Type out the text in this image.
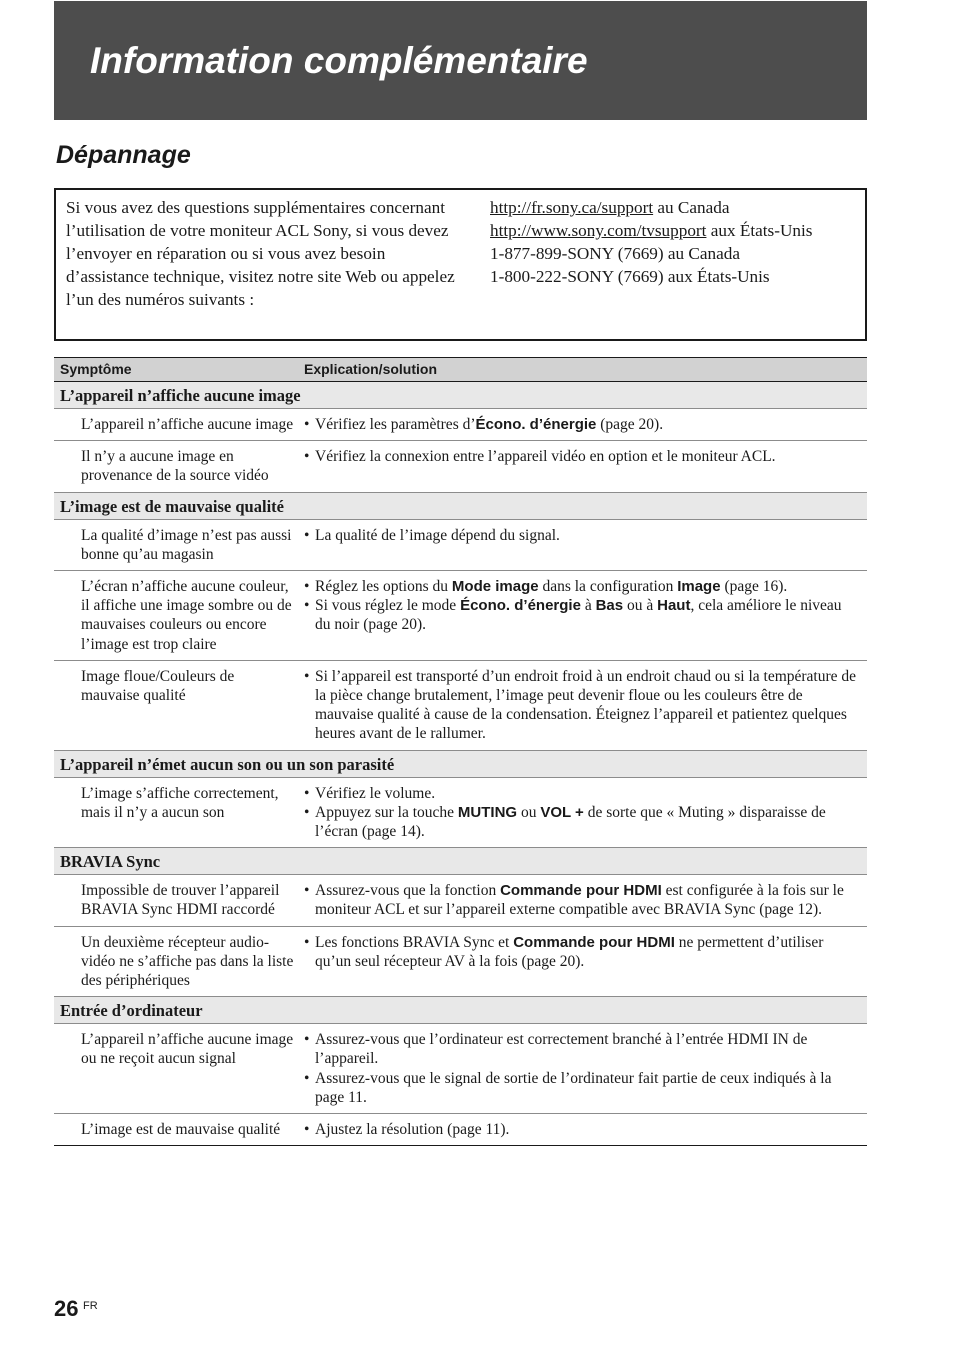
Information complémentaire
Dépannage
Si vous avez des questions supplémentaires concernant l’utilisation de votre moniteur ACL Sony, si vous devez l’envoyer en réparation ou si vous avez besoin d’assistance technique, visitez notre site Web ou appelez l’un des numéros suivants :
http://fr.sony.ca/support au Canada
http://www.sony.com/tvsupport aux États-Unis
1-877-899-SONY (7669) au Canada
1-800-222-SONY (7669) aux États-Unis
Symptôme	Explication/solution
L’appareil n’affiche aucune image
L’appareil n’affiche aucune image • Vérifiez les paramètres d’Écono. d’énergie (page 20).
Il n’y a aucune image en provenance de la source vidéo
• Vérifiez la connexion entre l’appareil vidéo en option et le moniteur ACL.
L’image est de mauvaise qualité
La qualité d’image n’est pas aussi bonne qu’au magasin
• La qualité de l’image dépend du signal.
L’écran n’affiche aucune couleur, il affiche une image sombre ou de mauvaises couleurs ou encore l’image est trop claire
• Réglez les options du Mode image dans la configuration Image (page 16).
• Si vous réglez le mode Écono. d’énergie à Bas ou à Haut, cela améliore le niveau du noir (page 20).
Image floue/Couleurs de mauvaise qualité
• Si l’appareil est transporté d’un endroit froid à un endroit chaud ou si la température de la pièce change brutalement, l’image peut devenir floue ou les couleurs être de mauvaise qualité à cause de la condensation. Éteignez l’appareil et patientez quelques heures avant de le rallumer.
L’appareil n’émet aucun son ou un son parasité
L’image s’affiche correctement, mais il n’y a aucun son
• Vérifiez le volume.
• Appuyez sur la touche MUTING ou VOL + de sorte que « Muting » disparaisse de l’écran (page 14).
BRAVIA Sync
Impossible de trouver l’appareil BRAVIA Sync HDMI raccordé
• Assurez-vous que la fonction Commande pour HDMI est configurée à la fois sur le moniteur ACL et sur l’appareil externe compatible avec BRAVIA Sync (page 12).
Un deuxième récepteur audio-vidéo ne s’affiche pas dans la liste des périphériques
• Les fonctions BRAVIA Sync et Commande pour HDMI ne permettent d’utiliser qu’un seul récepteur AV à la fois (page 20).
Entrée d’ordinateur
L’appareil n’affiche aucune image ou ne reçoit aucun signal
• Assurez-vous que l’ordinateur est correctement branché à l’entrée HDMI IN de l’appareil.
• Assurez-vous que le signal de sortie de l’ordinateur fait partie de ceux indiqués à la page 11.
L’image est de mauvaise qualité	• Ajustez la résolution (page 11).
26 FR
